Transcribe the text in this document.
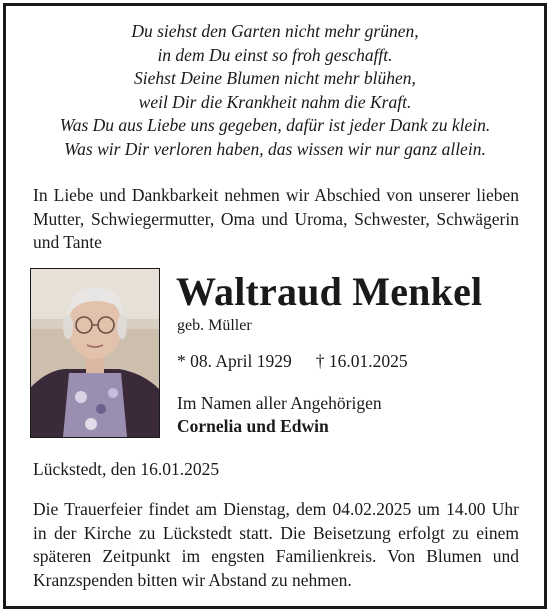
Du siehst den Garten nicht mehr grünen,
in dem Du einst so froh geschafft.
Siehst Deine Blumen nicht mehr blühen,
weil Dir die Krankheit nahm die Kraft.
Was Du aus Liebe uns gegeben, dafür ist jeder Dank zu klein.
Was wir Dir verloren haben, das wissen wir nur ganz allein.
In Liebe und Dankbarkeit nehmen wir Abschied von unserer lieben Mutter, Schwiegermutter, Oma und Uroma, Schwester, Schwägerin und Tante
Waltraud Menkel
geb. Müller
* 08. April 1929 † 16.01.2025
Im Namen aller Angehörigen
Cornelia und Edwin
Lückstedt, den 16.01.2025
Die Trauerfeier findet am Dienstag, dem 04.02.2025 um 14.00 Uhr in der Kirche zu Lückstedt statt. Die Beisetzung erfolgt zu einem späteren Zeitpunkt im engsten Familienkreis. Von Blumen und Kranzspenden bitten wir Abstand zu nehmen.
